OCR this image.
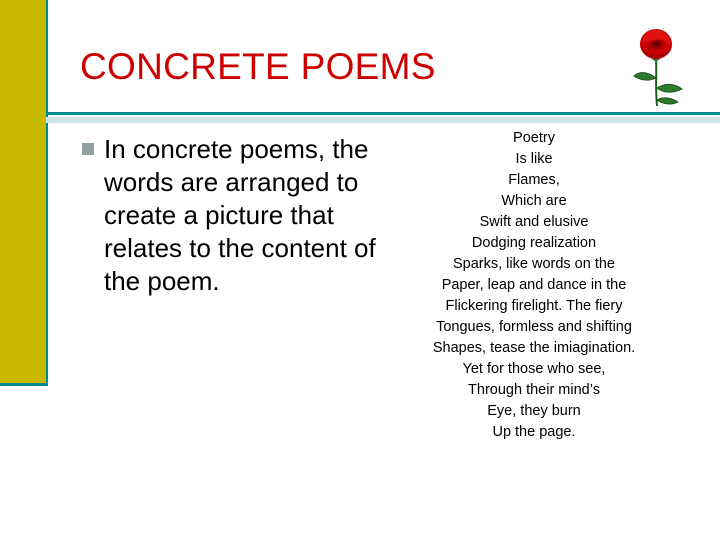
CONCRETE POEMS
In concrete poems, the words are arranged to create a picture that relates to the content of the poem.
Poetry
Is like
Flames,
Which are
Swift and elusive
Dodging realization
Sparks, like words on the
Paper, leap and dance in the
Flickering firelight. The fiery
Tongues, formless and shifting
Shapes, tease the imiagination.
Yet for those who see,
Through their mind’s
Eye, they burn
Up the page.
